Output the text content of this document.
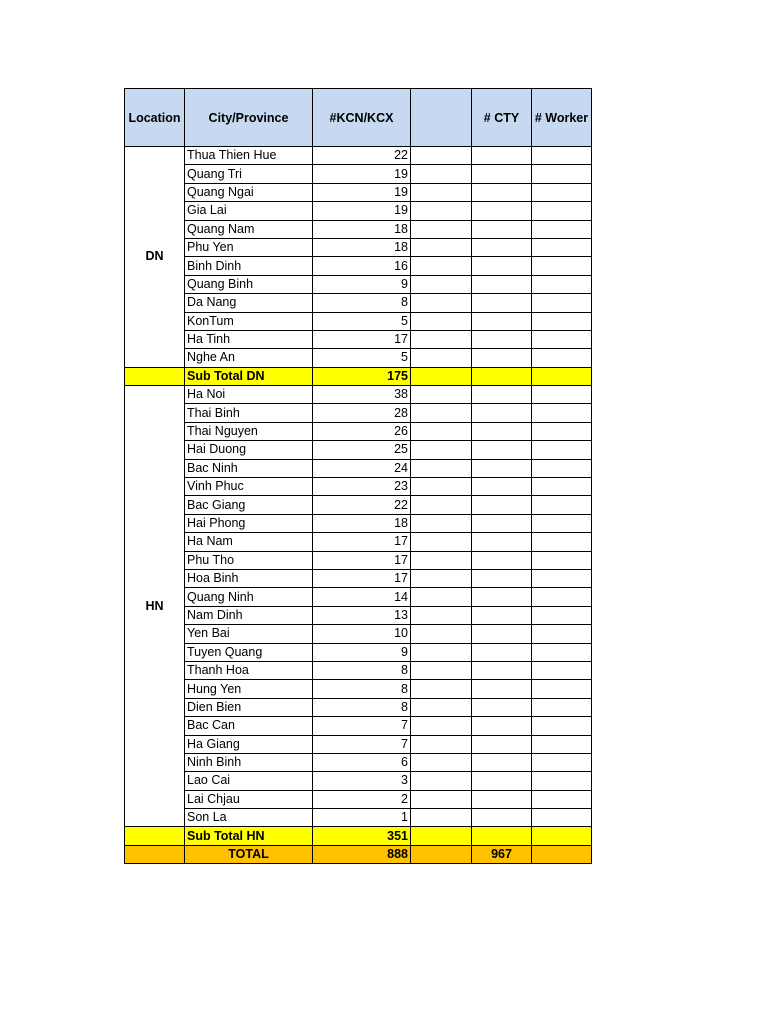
Location	City/Province	#KCN/KCX		# CTY	# Worker
DN	Thua Thien Hue	22			
	Quang Tri	19			
	Quang Ngai	19			
	Gia Lai	19			
	Quang Nam	18			
	Phu Yen	18			
	Binh Dinh	16			
	Quang Binh	9			
	Da Nang	8			
	KonTum	5			
	Ha Tinh	17			
	Nghe An	5			
	Sub Total DN	175			
HN	Ha Noi	38			
	Thai Binh	28			
	Thai Nguyen	26			
	Hai Duong	25			
	Bac Ninh	24			
	Vinh Phuc	23			
	Bac Giang	22			
	Hai Phong	18			
	Ha Nam	17			
	Phu Tho	17			
	Hoa Binh	17			
	Quang Ninh	14			
	Nam Dinh	13			
	Yen Bai	10			
	Tuyen Quang	9			
	Thanh Hoa	8			
	Hung Yen	8			
	Dien Bien	8			
	Bac Can	7			
	Ha Giang	7			
	Ninh Binh	6			
	Lao Cai	3			
	Lai Chjau	2			
	Son La	1			
	Sub Total HN	351			
	TOTAL	888		967	
